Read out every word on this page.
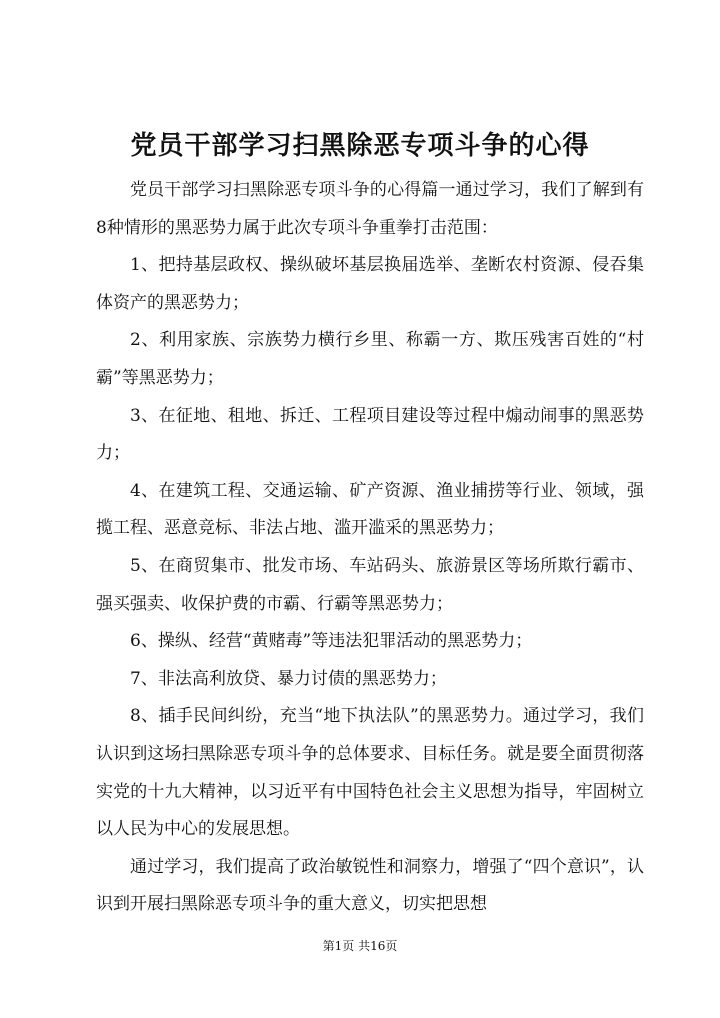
党员干部学习扫黑除恶专项斗争的心得

党员干部学习扫黑除恶专项斗争的心得篇一通过学习，我们了解到有8种情形的黑恶势力属于此次专项斗争重拳打击范围：

1、把持基层政权、操纵破坏基层换届选举、垄断农村资源、侵吞集体资产的黑恶势力；

2、利用家族、宗族势力横行乡里、称霸一方、欺压残害百姓的“村霸”等黑恶势力；

3、在征地、租地、拆迁、工程项目建设等过程中煽动闹事的黑恶势力；

4、在建筑工程、交通运输、矿产资源、渔业捕捞等行业、领域，强揽工程、恶意竞标、非法占地、滥开滥采的黑恶势力；

5、在商贸集市、批发市场、车站码头、旅游景区等场所欺行霸市、强买强卖、收保护费的市霸、行霸等黑恶势力；

6、操纵、经营“黄赌毒”等违法犯罪活动的黑恶势力；

7、非法高利放贷、暴力讨债的黑恶势力；

8、插手民间纠纷，充当“地下执法队”的黑恶势力。通过学习，我们认识到这场扫黑除恶专项斗争的总体要求、目标任务。就是要全面贯彻落实党的十九大精神，以习近平有中国特色社会主义思想为指导，牢固树立以人民为中心的发展思想。

通过学习，我们提高了政治敏锐性和洞察力，增强了“四个意识”，认识到开展扫黑除恶专项斗争的重大意义，切实把思想

第1页 共16页
